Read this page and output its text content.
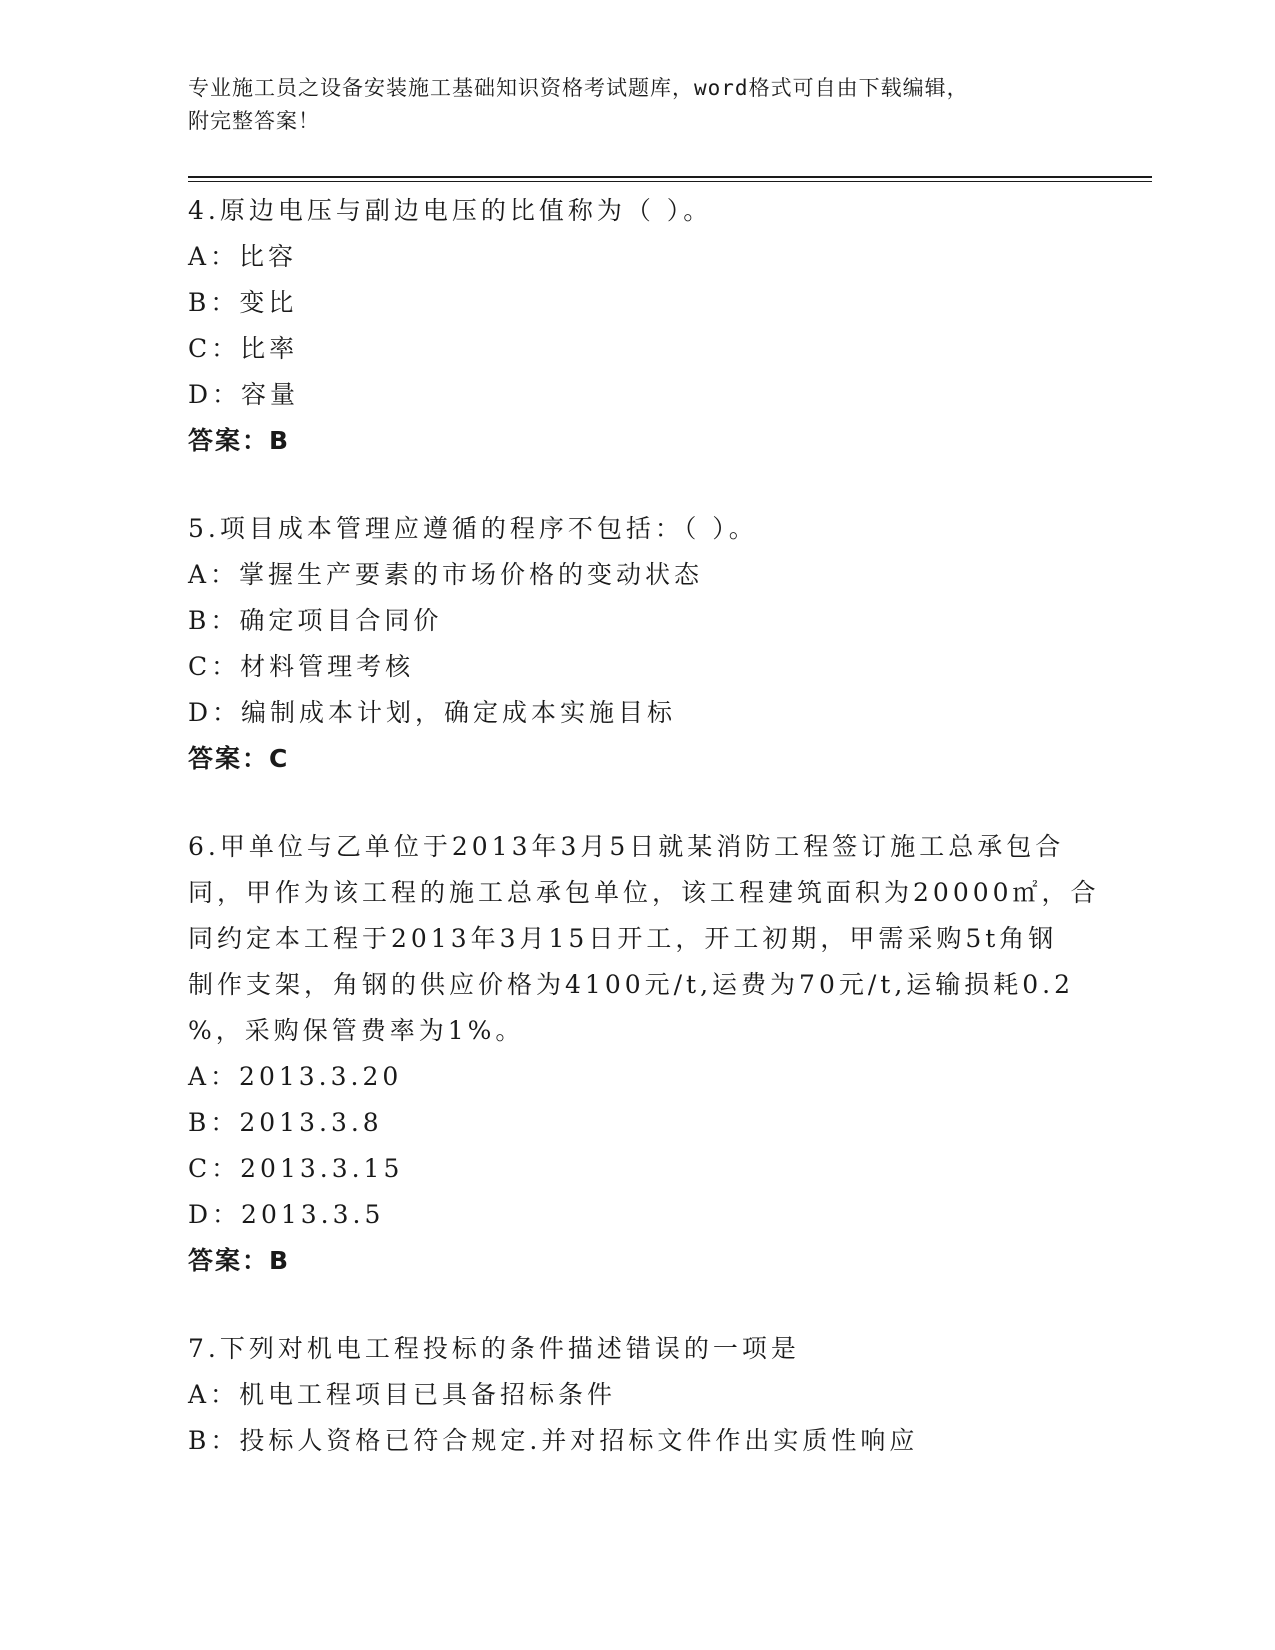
专业施工员之设备安装施工基础知识资格考试题库，word格式可自由下载编辑，
附完整答案！
4.原边电压与副边电压的比值称为（ ）。
A：比容
B：变比
C：比率
D：容量
答案：B
5.项目成本管理应遵循的程序不包括：（ ）。
A：掌握生产要素的市场价格的变动状态
B：确定项目合同价
C：材料管理考核
D：编制成本计划，确定成本实施目标
答案：C
6.甲单位与乙单位于2013年3月5日就某消防工程签订施工总承包合
同，甲作为该工程的施工总承包单位，该工程建筑面积为20000㎡，合
同约定本工程于2013年3月15日开工，开工初期，甲需采购5t角钢
制作支架，角钢的供应价格为4100元/t,运费为70元/t,运输损耗0.2
%，采购保管费率为1%。
A：2013.3.20
B：2013.3.8
C：2013.3.15
D：2013.3.5
答案：B
7.下列对机电工程投标的条件描述错误的一项是
A：机电工程项目已具备招标条件
B：投标人资格已符合规定.并对招标文件作出实质性响应
